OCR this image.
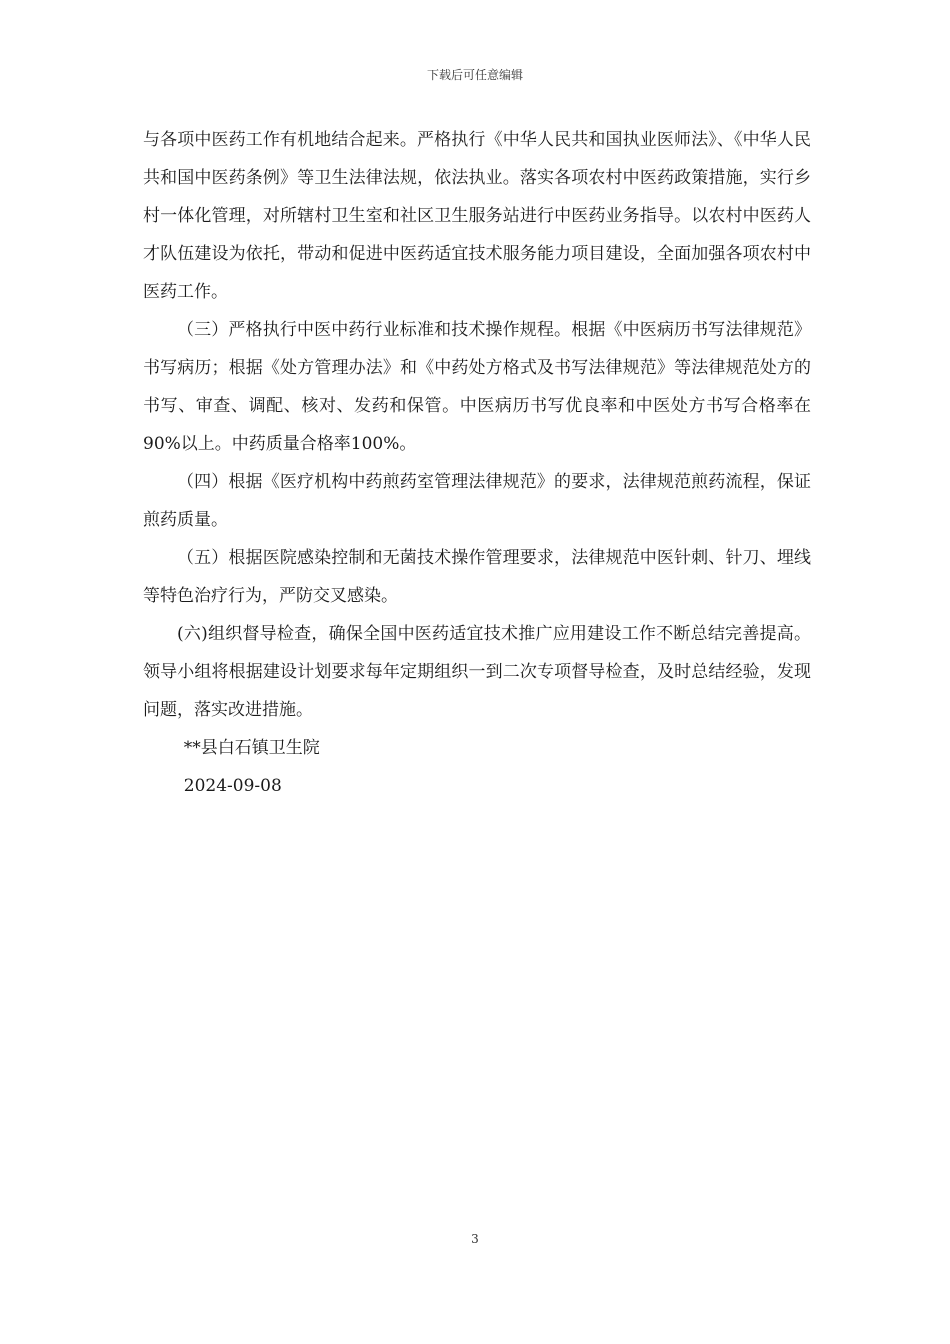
下载后可任意编辑

与各项中医药工作有机地结合起来。严格执行《中华人民共和国执业医师法》、《中华人民共和国中医药条例》等卫生法律法规，依法执业。落实各项农村中医药政策措施，实行乡村一体化管理，对所辖村卫生室和社区卫生服务站进行中医药业务指导。以农村中医药人才队伍建设为依托，带动和促进中医药适宜技术服务能力项目建设，全面加强各项农村中医药工作。

（三）严格执行中医中药行业标准和技术操作规程。根据《中医病历书写法律规范》书写病历；根据《处方管理办法》和《中药处方格式及书写法律规范》等法律规范处方的书写、审查、调配、核对、发药和保管。中医病历书写优良率和中医处方书写合格率在90%以上。中药质量合格率100%。

（四）根据《医疗机构中药煎药室管理法律规范》的要求，法律规范煎药流程，保证煎药质量。

（五）根据医院感染控制和无菌技术操作管理要求，法律规范中医针刺、针刀、埋线等特色治疗行为，严防交叉感染。

(六)组织督导检查，确保全国中医药适宜技术推广应用建设工作不断总结完善提高。领导小组将根据建设计划要求每年定期组织一到二次专项督导检查，及时总结经验，发现问题，落实改进措施。

**县白石镇卫生院

2024-09-08

3
